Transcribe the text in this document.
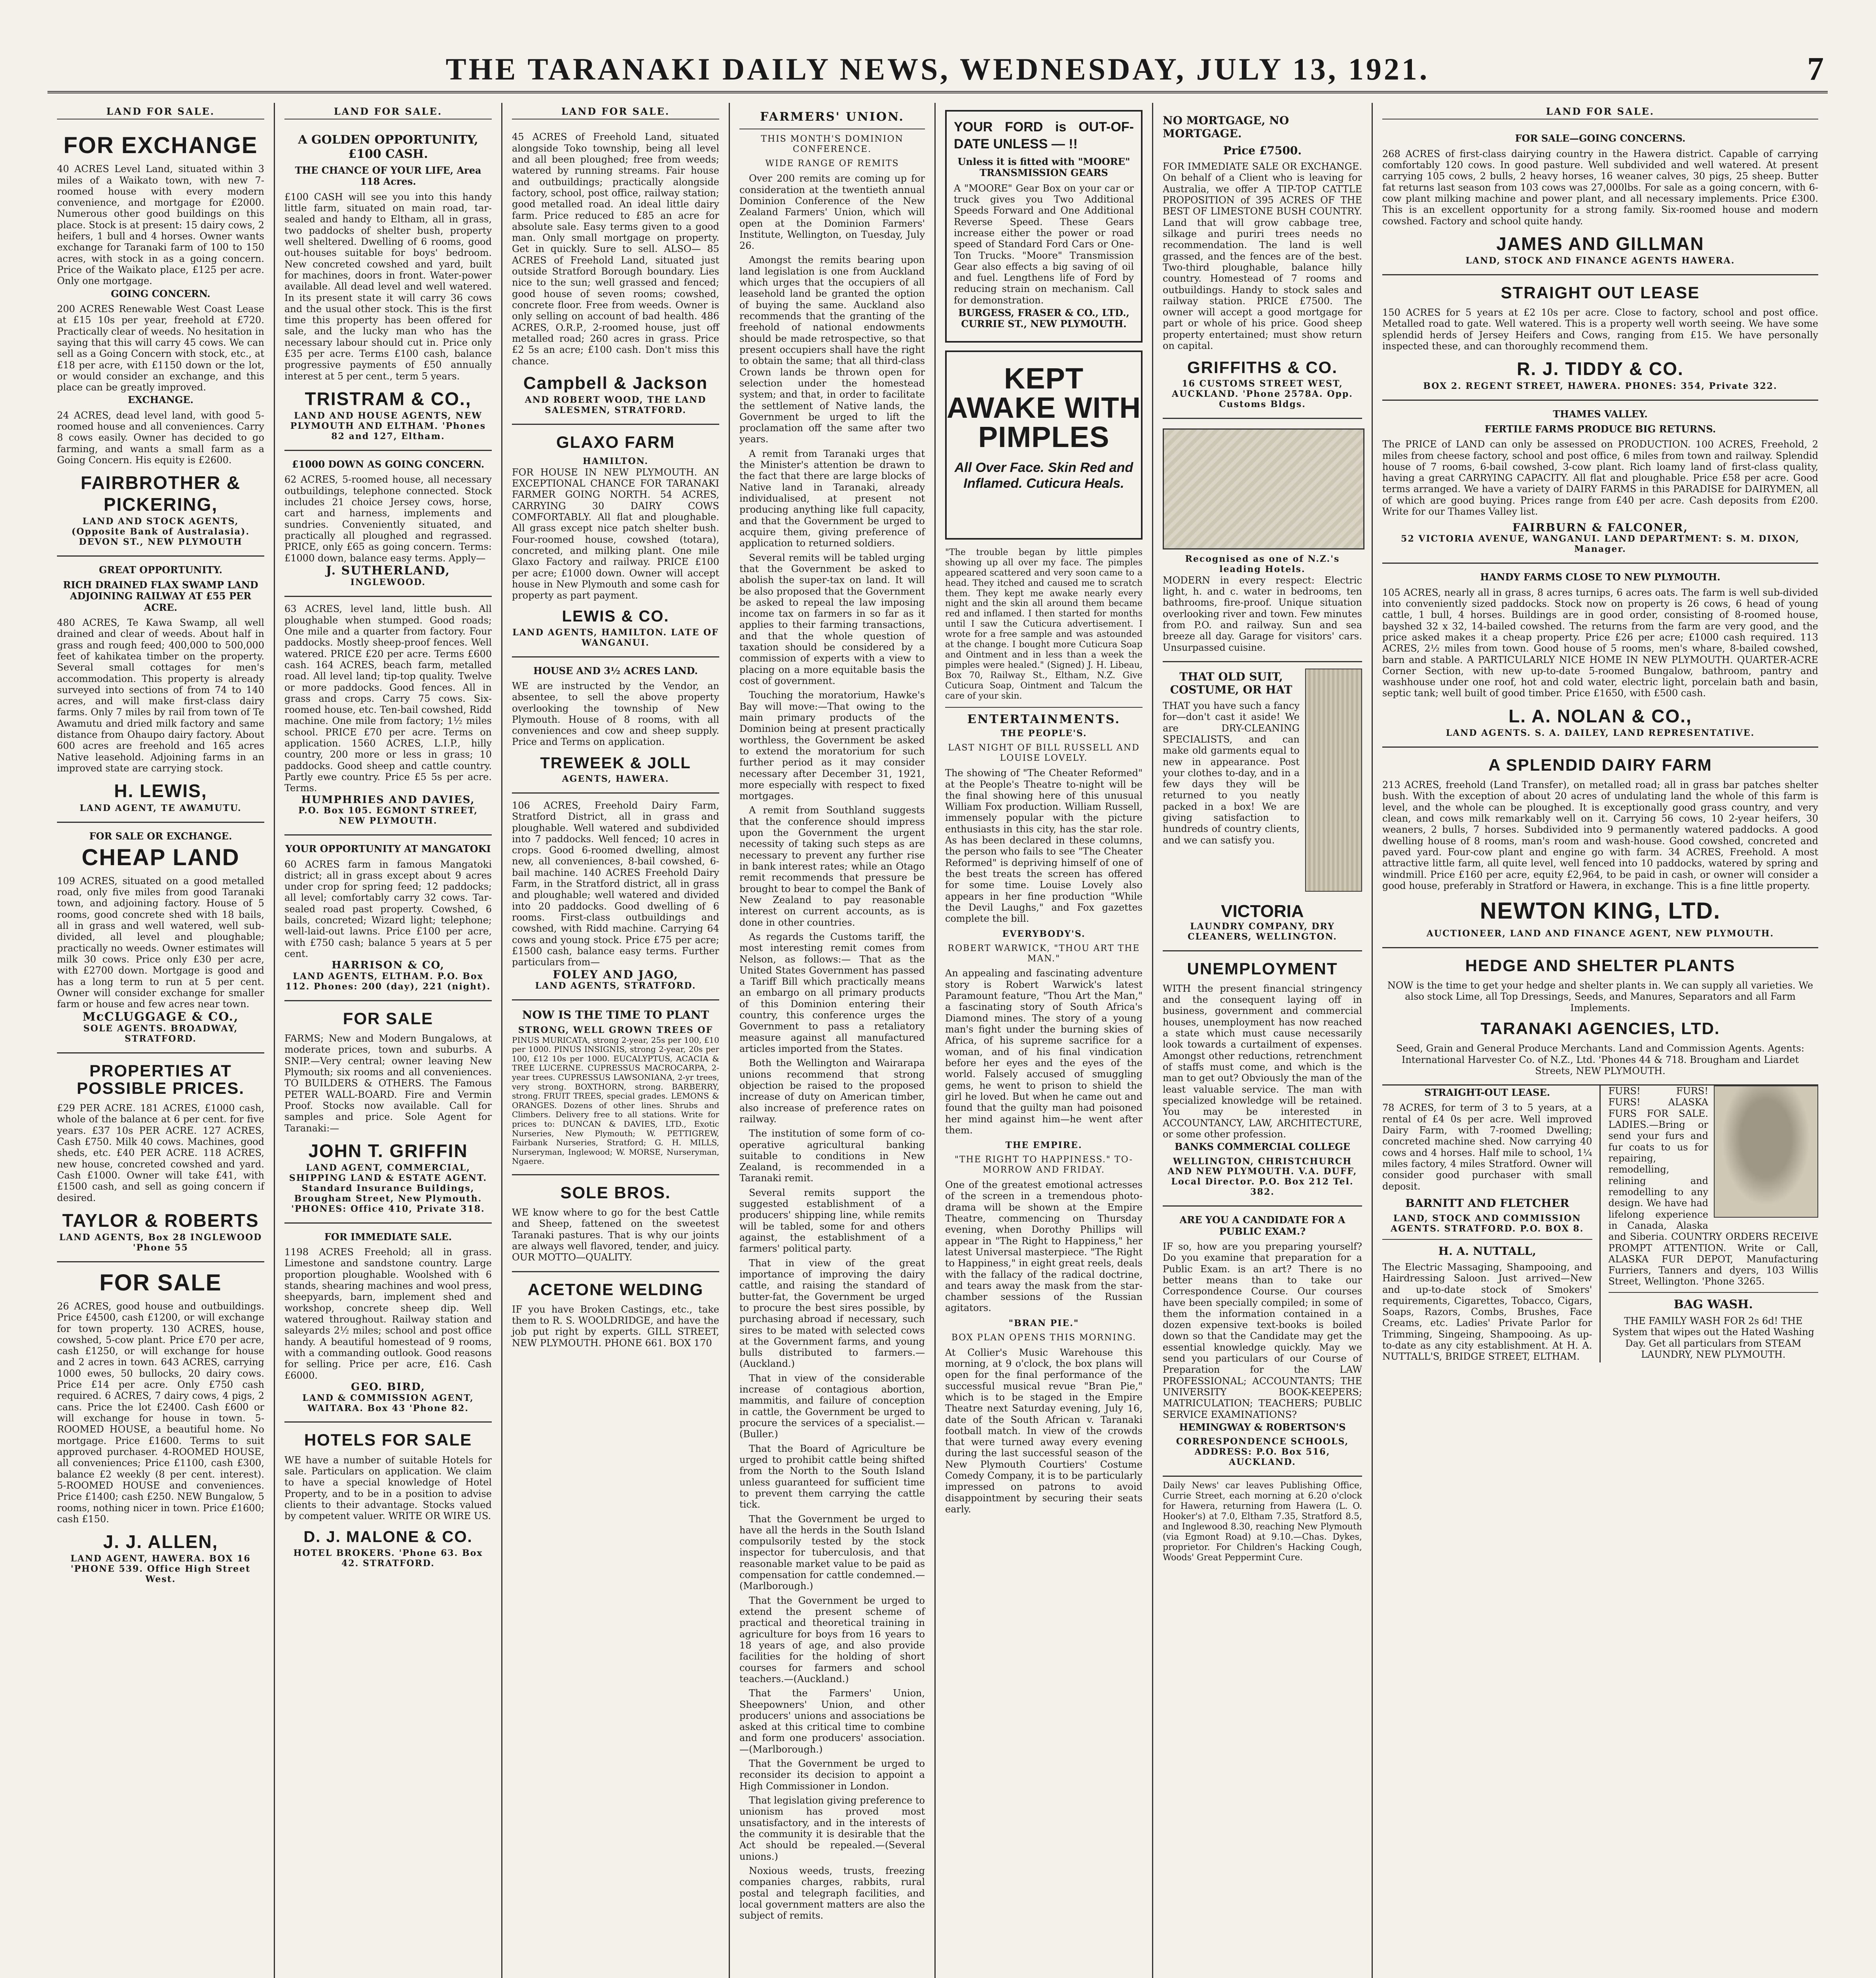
THE TARANAKI DAILY NEWS, WEDNESDAY, JULY 13, 1921.	7
LAND FOR SALE.
FOR EXCHANGE
40 ACRES Level Land, situated within 3 miles of a Waikato town, with new 7-roomed house with every modern convenience, and mortgage for £2000. Numerous other good buildings on this place. Stock is at present: 15 dairy cows, 2 heifers, 1 bull and 4 horses. Owner wants exchange for Taranaki farm of 100 to 150 acres, with stock in as a going concern. Price of the Waikato place, £125 per acre. Only one mortgage.
GOING CONCERN.
200 ACRES Renewable West Coast Lease at £15 10s per year, freehold at £720. Practically clear of weeds. No hesitation in saying that this will carry 45 cows. We can sell as a Going Concern with stock, etc., at £18 per acre, with £1150 down or the lot, or would consider an exchange, and this place can be greatly improved.
EXCHANGE.
24 ACRES, dead level land, with good 5-roomed house and all conveniences. Carry 8 cows easily. Owner has decided to go farming, and wants a small farm as a Going Concern. His equity is £2600.
FAIRBROTHER & PICKERING,
LAND AND STOCK AGENTS, (Opposite Bank of Australasia). DEVON ST., NEW PLYMOUTH
GREAT OPPORTUNITY.
RICH DRAINED FLAX SWAMP LAND ADJOINING RAILWAY AT £55 PER ACRE.
480 ACRES, Te Kawa Swamp, all well drained and clear of weeds. About half in grass and rough feed; 400,000 to 500,000 feet of kahikatea timber on the property. Several small cottages for men's accommodation. This property is already surveyed into sections of from 74 to 140 acres, and will make first-class dairy farms. Only 7 miles by rail from town of Te Awamutu and dried milk factory and same distance from Ohaupo dairy factory. About 600 acres are freehold and 165 acres Native leasehold. Adjoining farms in an improved state are carrying stock.
H. LEWIS,
LAND AGENT, TE AWAMUTU.
FOR SALE OR EXCHANGE.
CHEAP LAND
109 ACRES, situated on a good metalled road, only five miles from good Taranaki town, and adjoining factory. House of 5 rooms, good concrete shed with 18 bails, all in grass and well watered, well sub-divided, all level and ploughable; practically no weeds. Owner estimates will milk 30 cows. Price only £30 per acre, with £2700 down. Mortgage is good and has a long term to run at 5 per cent. Owner will consider exchange for smaller farm or house and few acres near town.
McCLUGGAGE & CO.,
SOLE AGENTS. BROADWAY, STRATFORD.
PROPERTIES AT POSSIBLE PRICES.
£29 PER ACRE. 181 ACRES, £1000 cash, whole of the balance at 6 per cent. for five years. £37 10s PER ACRE. 127 ACRES, Cash £750. Milk 40 cows. Machines, good sheds, etc. £40 PER ACRE. 118 ACRES, new house, concreted cowshed and yard. Cash £1000. Owner will take £41, with £1500 cash, and sell as going concern if desired.
TAYLOR & ROBERTS
LAND AGENTS, Box 28 INGLEWOOD 'Phone 55
FOR SALE
26 ACRES, good house and outbuildings. Price £4500, cash £1200, or will exchange for town property. 130 ACRES, house, cowshed, 5-cow plant. Price £70 per acre, cash £1250, or will exchange for house and 2 acres in town. 643 ACRES, carrying 1000 ewes, 50 bullocks, 20 dairy cows. Price £14 per acre. Only £750 cash required. 6 ACRES, 7 dairy cows, 4 pigs, 2 cans. Price the lot £2400. Cash £600 or will exchange for house in town. 5-ROOMED HOUSE, a beautiful home. No mortgage. Price £1600. Terms to suit approved purchaser. 4-ROOMED HOUSE, all conveniences; Price £1100, cash £300, balance £2 weekly (8 per cent. interest). 5-ROOMED HOUSE and conveniences. Price £1400; cash £250. NEW Bungalow, 5 rooms, nothing nicer in town. Price £1600; cash £150.
J. J. ALLEN,
LAND AGENT, HAWERA. BOX 16 'PHONE 539. Office High Street West.
LAND FOR SALE.
A GOLDEN OPPORTUNITY, £100 CASH.
THE CHANCE OF YOUR LIFE, Area 118 Acres.
£100 CASH will see you into this handy little farm, situated on main road, tar-sealed and handy to Eltham, all in grass, two paddocks of shelter bush, property well sheltered. Dwelling of 6 rooms, good out-houses suitable for boys' bedroom. New concreted cowshed and yard, built for machines, doors in front. Water-power available. All dead level and well watered. In its present state it will carry 36 cows and the usual other stock. This is the first time this property has been offered for sale, and the lucky man who has the necessary labour should cut in. Price only £35 per acre. Terms £100 cash, balance progressive payments of £50 annually interest at 5 per cent., term 5 years.
TRISTRAM & CO.,
LAND AND HOUSE AGENTS, NEW PLYMOUTH AND ELTHAM. 'Phones 82 and 127, Eltham.
£1000 DOWN AS GOING CONCERN.
62 ACRES, 5-roomed house, all necessary outbuildings, telephone connected. Stock includes 21 choice Jersey cows, horse, cart and harness, implements and sundries. Conveniently situated, and practically all ploughed and regrassed. PRICE, only £65 as going concern. Terms: £1000 down, balance easy terms. Apply—
J. SUTHERLAND,
INGLEWOOD.
63 ACRES, level land, little bush. All ploughable when stumped. Good roads; One mile and a quarter from factory. Four paddocks. Mostly sheep-proof fences. Well watered. PRICE £20 per acre. Terms £600 cash. 164 ACRES, beach farm, metalled road. All level land; tip-top quality. Twelve or more paddocks. Good fences. All in grass and crops. Carry 75 cows. Six-roomed house, etc. Ten-bail cowshed, Ridd machine. One mile from factory; 1½ miles school. PRICE £70 per acre. Terms on application. 1560 ACRES, L.I.P., hilly country, 200 more or less in grass; 10 paddocks. Good sheep and cattle country. Partly ewe country. Price £5 5s per acre. Terms.
HUMPHRIES AND DAVIES,
P.O. Box 105. EGMONT STREET, NEW PLYMOUTH.
YOUR OPPORTUNITY AT MANGATOKI
60 ACRES farm in famous Mangatoki district; all in grass except about 9 acres under crop for spring feed; 12 paddocks; all level; comfortably carry 32 cows. Tar-sealed road past property. Cowshed, 6 bails, concreted; Wizard light; telephone; well-laid-out lawns. Price £100 per acre, with £750 cash; balance 5 years at 5 per cent.
HARRISON & CO,
LAND AGENTS, ELTHAM. P.O. Box 112. Phones: 200 (day), 221 (night).
FOR SALE
FARMS; New and Modern Bungalows, at moderate prices, town and suburbs. A SNIP.—Very central; owner leaving New Plymouth; six rooms and all conveniences. TO BUILDERS & OTHERS. The Famous PETER WALL-BOARD. Fire and Vermin Proof. Stocks now available. Call for samples and price. Sole Agent for Taranaki:—
JOHN T. GRIFFIN
LAND AGENT, COMMERCIAL, SHIPPING LAND & ESTATE AGENT. Standard Insurance Buildings, Brougham Street, New Plymouth. 'PHONES: Office 410, Private 318.
FOR IMMEDIATE SALE.
1198 ACRES Freehold; all in grass. Limestone and sandstone country. Large proportion ploughable. Woolshed with 6 stands, shearing machines and wool press, sheepyards, barn, implement shed and workshop, concrete sheep dip. Well watered throughout. Railway station and saleyards 2½ miles; school and post office handy. A beautiful homestead of 9 rooms, with a commanding outlook. Good reasons for selling. Price per acre, £16. Cash £6000.
GEO. BIRD,
LAND & COMMISSION AGENT, WAITARA. Box 43 'Phone 82.
HOTELS FOR SALE
WE have a number of suitable Hotels for sale. Particulars on application. We claim to have a special knowledge of Hotel Property, and to be in a position to advise clients to their advantage. Stocks valued by competent valuer. WRITE OR WIRE US.
D. J. MALONE & CO.
HOTEL BROKERS. 'Phone 63. Box 42. STRATFORD.
LAND FOR SALE.
45 ACRES of Freehold Land, situated alongside Toko township, being all level and all been ploughed; free from weeds; watered by running streams. Fair house and outbuildings; practically alongside factory, school, post office, railway station; good metalled road. An ideal little dairy farm. Price reduced to £85 an acre for absolute sale. Easy terms given to a good man. Only small mortgage on property. Get in quickly. Sure to sell. ALSO— 85 ACRES of Freehold Land, situated just outside Stratford Borough boundary. Lies nice to the sun; well grassed and fenced; good house of seven rooms; cowshed, concrete floor. Free from weeds. Owner is only selling on account of bad health. 486 ACRES, O.R.P., 2-roomed house, just off metalled road; 260 acres in grass. Price £2 5s an acre; £100 cash. Don't miss this chance.
Campbell & Jackson
AND ROBERT WOOD, THE LAND SALESMEN, STRATFORD.
GLAXO FARM
HAMILTON.
FOR HOUSE IN NEW PLYMOUTH. AN EXCEPTIONAL CHANCE FOR TARANAKI FARMER GOING NORTH. 54 ACRES, CARRYING 30 DAIRY COWS COMFORTABLY. All flat and ploughable. All grass except nice patch shelter bush. Four-roomed house, cowshed (totara), concreted, and milking plant. One mile Glaxo Factory and railway. PRICE £100 per acre; £1000 down. Owner will accept house in New Plymouth and some cash for property as part payment.
LEWIS & CO.
LAND AGENTS, HAMILTON. LATE OF WANGANUI.
HOUSE AND 3½ ACRES LAND.
WE are instructed by the Vendor, an absentee, to sell the above property overlooking the township of New Plymouth. House of 8 rooms, with all conveniences and cow and sheep supply. Price and Terms on application.
TREWEEK & JOLL
AGENTS, HAWERA.
106 ACRES, Freehold Dairy Farm, Stratford District, all in grass and ploughable. Well watered and subdivided into 7 paddocks. Well fenced; 10 acres in crops. Good 6-roomed dwelling, almost new, all conveniences, 8-bail cowshed, 6-bail machine. 140 ACRES Freehold Dairy Farm, in the Stratford district, all in grass and ploughable; well watered and divided into 20 paddocks. Good dwelling of 6 rooms. First-class outbuildings and cowshed, with Ridd machine. Carrying 64 cows and young stock. Price £75 per acre; £1500 cash, balance easy terms. Further particulars from—
FOLEY AND JAGO,
LAND AGENTS, STRATFORD.
NOW IS THE TIME TO PLANT
STRONG, WELL GROWN TREES OF
PINUS MURICATA, strong 2-year, 25s per 100, £10 per 1000. PINUS INSIGNIS, strong 2-year, 20s per 100, £12 10s per 1000. EUCALYPTUS, ACACIA & TREE LUCERNE. CUPRESSUS MACROCARPA, 2-year trees. CUPRESSUS LAWSONIANA, 2-yr trees, very strong. BOXTHORN, strong. BARBERRY, strong. FRUIT TREES, special grades. LEMONS & ORANGES. Dozens of other lines. Shrubs and Climbers. Delivery free to all stations. Write for prices to: DUNCAN & DAVIES, LTD., Exotic Nurseries, New Plymouth; W. PETTIGREW, Fairbank Nurseries, Stratford; G. H. MILLS, Nurseryman, Inglewood; W. MORSE, Nurseryman, Ngaere.
SOLE BROS.
WE know where to go for the best Cattle and Sheep, fattened on the sweetest Taranaki pastures. That is why our joints are always well flavored, tender, and juicy. OUR MOTTO—QUALITY.
ACETONE WELDING
IF you have Broken Castings, etc., take them to R. S. WOOLDRIDGE, and have the job put right by experts. GILL STREET, NEW PLYMOUTH. PHONE 661. BOX 170
FARMERS' UNION.
THIS MONTH'S DOMINION CONFERENCE.
WIDE RANGE OF REMITS

Over 200 remits are coming up for consideration at the twentieth annual Dominion Conference of the New Zealand Farmers' Union, which will open at the Dominion Farmers' Institute, Wellington, on Tuesday, July 26.

Amongst the remits bearing upon land legislation is one from Auckland which urges that the occupiers of all leasehold land be granted the option of buying the same. Auckland also recommends that the granting of the freehold of national endowments should be made retrospective, so that present occupiers shall have the right to obtain the same; that all third-class Crown lands be thrown open for selection under the homestead system; and that, in order to facilitate the settlement of Native lands, the Government be urged to lift the proclamation off the same after two years.

A remit from Taranaki urges that the Minister's attention be drawn to the fact that there are large blocks of Native land in Taranaki, already individualised, at present not producing anything like full capacity, and that the Government be urged to acquire them, giving preference of application to returned soldiers.

Several remits will be tabled urging that the Government be asked to abolish the super-tax on land. It will be also proposed that the Government be asked to repeal the law imposing income tax on farmers in so far as it applies to their farming transactions, and that the whole question of taxation should be considered by a commission of experts with a view to placing on a more equitable basis the cost of government.

Touching the moratorium, Hawke's Bay will move:—That owing to the main primary products of the Dominion being at present practically worthless, the Government be asked to extend the moratorium for such further period as it may consider necessary after December 31, 1921, more especially with respect to fixed mortgages.

A remit from Southland suggests that the conference should impress upon the Government the urgent necessity of taking such steps as are necessary to prevent any further rise in bank interest rates; while an Otago remit recommends that pressure be brought to bear to compel the Bank of New Zealand to pay reasonable interest on current accounts, as is done in other countries.

As regards the Customs tariff, the most interesting remit comes from Nelson, as follows:— That as the United States Government has passed a Tariff Bill which practically means an embargo on all primary products of this Dominion entering their country, this conference urges the Government to pass a retaliatory measure against all manufactured articles imported from the States.

Both the Wellington and Wairarapa unions recommend that strong objection be raised to the proposed increase of duty on American timber, also increase of preference rates on railway.

The institution of some form of co-operative agricultural banking suitable to conditions in New Zealand, is recommended in a Taranaki remit.

Several remits support the suggested establishment of a producers' shipping line, while remits will be tabled, some for and others against, the establishment of a farmers' political party.

That in view of the great importance of improving the dairy cattle, and raising the standard of butter-fat, the Government be urged to procure the best sires possible, by purchasing abroad if necessary, such sires to be mated with selected cows at the Government farms, and young bulls distributed to farmers.—(Auckland.)

That in view of the considerable increase of contagious abortion, mammitis, and failure of conception in cattle, the Government be urged to procure the services of a specialist.—(Buller.)

That the Board of Agriculture be urged to prohibit cattle being shifted from the North to the South Island unless guaranteed for sufficient time to prevent them carrying the cattle tick.

That the Government be urged to have all the herds in the South Island compulsorily tested by the stock inspector for tuberculosis, and that reasonable market value to be paid as compensation for cattle condemned.—(Marlborough.)

That the Government be urged to extend the present scheme of practical and theoretical training in agriculture for boys from 16 years to 18 years of age, and also provide facilities for the holding of short courses for farmers and school teachers.—(Auckland.)

That the Farmers' Union, Sheepowners' Union, and other producers' unions and associations be asked at this critical time to combine and form one producers' association.—(Marlborough.)

That the Government be urged to reconsider its decision to appoint a High Commissioner in London.

That legislation giving preference to unionism has proved most unsatisfactory, and in the interests of the community it is desirable that the Act should be repealed.—(Several unions.)

Noxious weeds, trusts, freezing companies charges, rabbits, rural postal and telegraph facilities, and local government matters are also the subject of remits.

YOUR FORD is OUT-OF-DATE UNLESS — !!
Unless it is fitted with "MOORE" TRANSMISSION GEARS
A "MOORE" Gear Box on your car or truck gives you Two Additional Speeds Forward and One Additional Reverse Speed. These Gears increase either the power or road speed of Standard Ford Cars or One-Ton Trucks. "Moore" Transmission Gear also effects a big saving of oil and fuel. Lengthens life of Ford by reducing strain on mechanism. Call for demonstration.
BURGESS, FRASER & CO., LTD., CURRIE ST., NEW PLYMOUTH.
KEPT AWAKE WITH PIMPLES
All Over Face. Skin Red and Inflamed. Cuticura Heals.
"The trouble began by little pimples showing up all over my face. The pimples appeared scattered and very soon came to a head. They itched and caused me to scratch them. They kept me awake nearly every night and the skin all around them became red and inflamed. I then started for months until I saw the Cuticura advertisement. I wrote for a free sample and was astounded at the change. I bought more Cuticura Soap and Ointment and in less than a week the pimples were healed." (Signed) J. H. Libeau, Box 70, Railway St., Eltham, N.Z. Give Cuticura Soap, Ointment and Talcum the care of your skin.
ENTERTAINMENTS.
THE PEOPLE'S.
LAST NIGHT OF BILL RUSSELL AND LOUISE LOVELY.
The showing of "The Cheater Reformed" at the People's Theatre to-night will be the final showing here of this unusual William Fox production. William Russell, immensely popular with the picture enthusiasts in this city, has the star role. As has been declared in these columns, the person who fails to see "The Cheater Reformed" is depriving himself of one of the best treats the screen has offered for some time. Louise Lovely also appears in her fine production "While the Devil Laughs," and Fox gazettes complete the bill.
EVERYBODY'S.
ROBERT WARWICK, "THOU ART THE MAN."
An appealing and fascinating adventure story is Robert Warwick's latest Paramount feature, "Thou Art the Man," a fascinating story of South Africa's Diamond mines. The story of a young man's fight under the burning skies of Africa, of his supreme sacrifice for a woman, and of his final vindication before her eyes and the eyes of the world. Falsely accused of smuggling gems, he went to prison to shield the girl he loved. But when he came out and found that the guilty man had poisoned her mind against him—he went after them.
THE EMPIRE.
"THE RIGHT TO HAPPINESS." TO-MORROW AND FRIDAY.
One of the greatest emotional actresses of the screen in a tremendous photo-drama will be shown at the Empire Theatre, commencing on Thursday evening, when Dorothy Phillips will appear in "The Right to Happiness," her latest Universal masterpiece. "The Right to Happiness," in eight great reels, deals with the fallacy of the radical doctrine, and tears away the mask from the star-chamber sessions of the Russian agitators.
"BRAN PIE."
BOX PLAN OPENS THIS MORNING.
At Collier's Music Warehouse this morning, at 9 o'clock, the box plans will open for the final performance of the successful musical revue "Bran Pie," which is to be staged in the Empire Theatre next Saturday evening, July 16, date of the South African v. Taranaki football match. In view of the crowds that were turned away every evening during the last successful season of the New Plymouth Courtiers' Costume Comedy Company, it is to be particularly impressed on patrons to avoid disappointment by securing their seats early.
NO MORTGAGE, NO MORTGAGE.
Price £7500.
FOR IMMEDIATE SALE OR EXCHANGE. On behalf of a Client who is leaving for Australia, we offer A TIP-TOP CATTLE PROPOSITION of 395 ACRES OF THE BEST OF LIMESTONE BUSH COUNTRY. Land that will grow cabbage tree, silkage and puriri trees needs no recommendation. The land is well grassed, and the fences are of the best. Two-third ploughable, balance hilly country. Homestead of 7 rooms and outbuildings. Handy to stock sales and railway station. PRICE £7500. The owner will accept a good mortgage for part or whole of his price. Good sheep property entertained; must show return on capital.
GRIFFITHS & CO.
16 CUSTOMS STREET WEST, AUCKLAND. 'Phone 2578A. Opp. Customs Bldgs.
Recognised as one of N.Z.'s leading Hotels.
MODERN in every respect: Electric light, h. and c. water in bedrooms, ten bathrooms, fire-proof. Unique situation overlooking river and town. Few minutes from P.O. and railway. Sun and sea breeze all day. Garage for visitors' cars. Unsurpassed cuisine.
THAT OLD SUIT, COSTUME, OR HAT
THAT you have such a fancy for—don't cast it aside! We are DRY-CLEANING SPECIALISTS, and can make old garments equal to new in appearance. Post your clothes to-day, and in a few days they will be returned to you neatly packed in a box! We are giving satisfaction to hundreds of country clients, and we can satisfy you.
VICTORIA
LAUNDRY COMPANY, DRY CLEANERS, WELLINGTON.
UNEMPLOYMENT
WITH the present financial stringency and the consequent laying off in business, government and commercial houses, unemployment has now reached a state which must cause necessarily look towards a curtailment of expenses. Amongst other reductions, retrenchment of staffs must come, and which is the man to get out? Obviously the man of the least valuable service. The man with specialized knowledge will be retained. You may be interested in ACCOUNTANCY, LAW, ARCHITECTURE, or some other profession.
BANKS COMMERCIAL COLLEGE
WELLINGTON, CHRISTCHURCH AND NEW PLYMOUTH. V.A. DUFF, Local Director. P.O. Box 212 Tel. 382.
ARE YOU A CANDIDATE FOR A PUBLIC EXAM.?
IF so, how are you preparing yourself? Do you examine that preparation for a Public Exam. is an art? There is no better means than to take our Correspondence Course. Our courses have been specially compiled; in some of them the information contained in a dozen expensive text-books is boiled down so that the Candidate may get the essential knowledge quickly. May we send you particulars of our Course of Preparation for the LAW PROFESSIONAL; ACCOUNTANTS; THE UNIVERSITY BOOK-KEEPERS; MATRICULATION; TEACHERS; PUBLIC SERVICE EXAMINATIONS?
HEMINGWAY & ROBERTSON'S
CORRESPONDENCE SCHOOLS, ADDRESS: P.O. Box 516, AUCKLAND.
Daily News' car leaves Publishing Office, Currie Street, each morning at 6.20 o'clock for Hawera, returning from Hawera (L. O. Hooker's) at 7.0, Eltham 7.35, Stratford 8.5, and Inglewood 8.30, reaching New Plymouth (via Egmont Road) at 9.10.—Chas. Dykes, proprietor. For Children's Hacking Cough, Woods' Great Peppermint Cure.
LAND FOR SALE.
FOR SALE—GOING CONCERNS.
268 ACRES of first-class dairying country in the Hawera district. Capable of carrying comfortably 120 cows. In good pasture. Well subdivided and well watered. At present carrying 105 cows, 2 bulls, 2 heavy horses, 16 weaner calves, 30 pigs, 25 sheep. Butter fat returns last season from 103 cows was 27,000lbs. For sale as a going concern, with 6-cow plant milking machine and power plant, and all necessary implements. Price £300. This is an excellent opportunity for a strong family. Six-roomed house and modern cowshed. Factory and school quite handy.
JAMES AND GILLMAN
LAND, STOCK AND FINANCE AGENTS HAWERA.
STRAIGHT OUT LEASE
150 ACRES for 5 years at £2 10s per acre. Close to factory, school and post office. Metalled road to gate. Well watered. This is a property well worth seeing. We have some splendid herds of Jersey Heifers and Cows, ranging from £15. We have personally inspected these, and can thoroughly recommend them.
R. J. TIDDY & CO.
BOX 2. REGENT STREET, HAWERA. PHONES: 354, Private 322.
THAMES VALLEY.
FERTILE FARMS PRODUCE BIG RETURNS.
The PRICE of LAND can only be assessed on PRODUCTION. 100 ACRES, Freehold, 2 miles from cheese factory, school and post office, 6 miles from town and railway. Splendid house of 7 rooms, 6-bail cowshed, 3-cow plant. Rich loamy land of first-class quality, having a great CARRYING CAPACITY. All flat and ploughable. Price £58 per acre. Good terms arranged. We have a variety of DAIRY FARMS in this PARADISE for DAIRYMEN, all of which are good buying. Prices range from £40 per acre. Cash deposits from £200. Write for our Thames Valley list.
FAIRBURN & FALCONER,
52 VICTORIA AVENUE, WANGANUI. LAND DEPARTMENT: S. M. DIXON, Manager.
HANDY FARMS CLOSE TO NEW PLYMOUTH.
105 ACRES, nearly all in grass, 8 acres turnips, 6 acres oats. The farm is well sub-divided into conveniently sized paddocks. Stock now on property is 26 cows, 6 head of young cattle, 1 bull, 4 horses. Buildings are in good order, consisting of 8-roomed house, bayshed 32 x 32, 14-bailed cowshed. The returns from the farm are very good, and the price asked makes it a cheap property. Price £26 per acre; £1000 cash required. 113 ACRES, 2½ miles from town. Good house of 5 rooms, men's whare, 8-bailed cowshed, barn and stable. A PARTICULARLY NICE HOME IN NEW PLYMOUTH. QUARTER-ACRE Corner Section, with new up-to-date 5-roomed Bungalow, bathroom, pantry and washhouse under one roof, hot and cold water, electric light, porcelain bath and basin, septic tank; well built of good timber. Price £1650, with £500 cash.
L. A. NOLAN & CO.,
LAND AGENTS. S. A. DAILEY, LAND REPRESENTATIVE.
A SPLENDID DAIRY FARM
213 ACRES, freehold (Land Transfer), on metalled road; all in grass bar patches shelter bush. With the exception of about 20 acres of undulating land the whole of this farm is level, and the whole can be ploughed. It is exceptionally good grass country, and very clean, and cows milk remarkably well on it. Carrying 56 cows, 10 2-year heifers, 30 weaners, 2 bulls, 7 horses. Subdivided into 9 permanently watered paddocks. A good dwelling house of 8 rooms, man's room and wash-house. Good cowshed, concreted and paved yard. Four-cow plant and engine go with farm. 34 ACRES, Freehold. A most attractive little farm, all quite level, well fenced into 10 paddocks, watered by spring and windmill. Price £160 per acre, equity £2,964, to be paid in cash, or owner will consider a good house, preferably in Stratford or Hawera, in exchange. This is a fine little property.
NEWTON KING, LTD.
AUCTIONEER, LAND AND FINANCE AGENT, NEW PLYMOUTH.
HEDGE AND SHELTER PLANTS
NOW is the time to get your hedge and shelter plants in. We can supply all varieties. We also stock Lime, all Top Dressings, Seeds, and Manures, Separators and all Farm Implements.
TARANAKI AGENCIES, LTD.
Seed, Grain and General Produce Merchants. Land and Commission Agents. Agents: International Harvester Co. of N.Z., Ltd. 'Phones 44 & 718. Brougham and Liardet Streets, NEW PLYMOUTH.
STRAIGHT-OUT LEASE.
78 ACRES, for term of 3 to 5 years, at a rental of £4 0s per acre. Well improved Dairy Farm, with 7-roomed Dwelling; concreted machine shed. Now carrying 40 cows and 4 horses. Half mile to school, 1¼ miles factory, 4 miles Stratford. Owner will consider good purchaser with small deposit.
BARNITT AND FLETCHER
LAND, STOCK AND COMMISSION AGENTS. STRATFORD. P.O. BOX 8.
H. A. NUTTALL,
The Electric Massaging, Shampooing, and Hairdressing Saloon. Just arrived—New and up-to-date stock of Smokers' requirements, Cigarettes, Tobacco, Cigars, Soaps, Razors, Combs, Brushes, Face Creams, etc. Ladies' Private Parlor for Trimming, Singeing, Shampooing. As up-to-date as any city establishment. At H. A. NUTTALL'S, BRIDGE STREET, ELTHAM.
FURS! FURS! FURS! ALASKA FURS FOR SALE. LADIES.—Bring or send your furs and fur coats to us for repairing, remodelling, relining and remodelling to any design. We have had lifelong experience in Canada, Alaska and Siberia. COUNTRY ORDERS RECEIVE PROMPT ATTENTION. Write or Call, ALASKA FUR DEPOT, Manufacturing Furriers, Tanners and dyers, 103 Willis Street, Wellington. 'Phone 3265.
BAG WASH.
THE FAMILY WASH FOR 2s 6d! THE System that wipes out the Hated Washing Day. Get all particulars from STEAM LAUNDRY, NEW PLYMOUTH.
